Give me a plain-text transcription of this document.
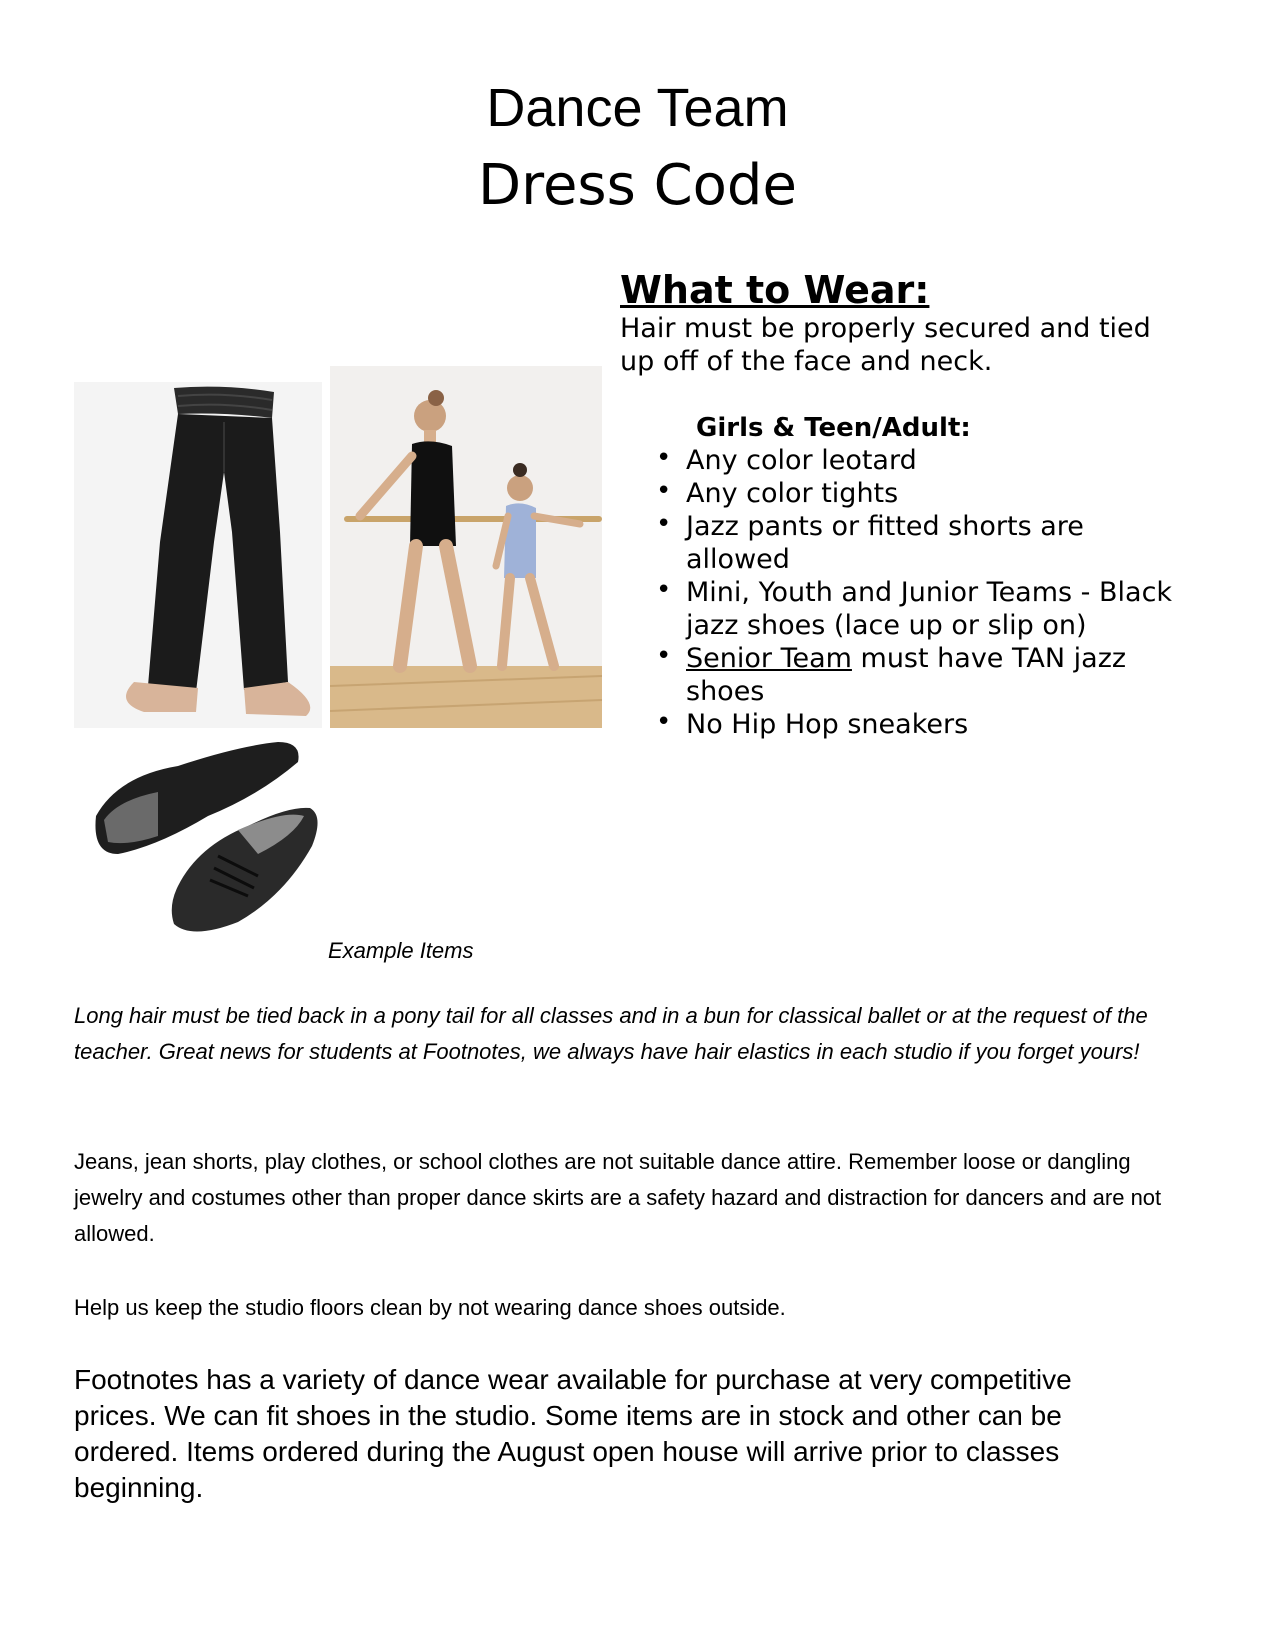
Dance Team
Dress Code
Example Items
What to Wear:

Hair must be properly secured and tied up off of the face and neck.

Girls & Teen/Adult:
• Any color leotard
• Any color tights
• Jazz pants or fitted shorts are allowed
• Mini, Youth and Junior Teams - Black jazz shoes (lace up or slip on)
• Senior Team must have TAN jazz shoes
• No Hip Hop sneakers

Long hair must be tied back in a pony tail for all classes and in a bun for classical ballet or at the request of the teacher. Great news for students at Footnotes, we always have hair elastics in each studio if you forget yours!

Jeans, jean shorts, play clothes, or school clothes are not suitable dance attire. Remember loose or dangling jewelry and costumes other than proper dance skirts are a safety hazard and distraction for dancers and are not allowed.

Help us keep the studio floors clean by not wearing dance shoes outside.

Footnotes has a variety of dance wear available for purchase at very competitive prices. We can fit shoes in the studio. Some items are in stock and other can be ordered. Items ordered during the August open house will arrive prior to classes beginning.
